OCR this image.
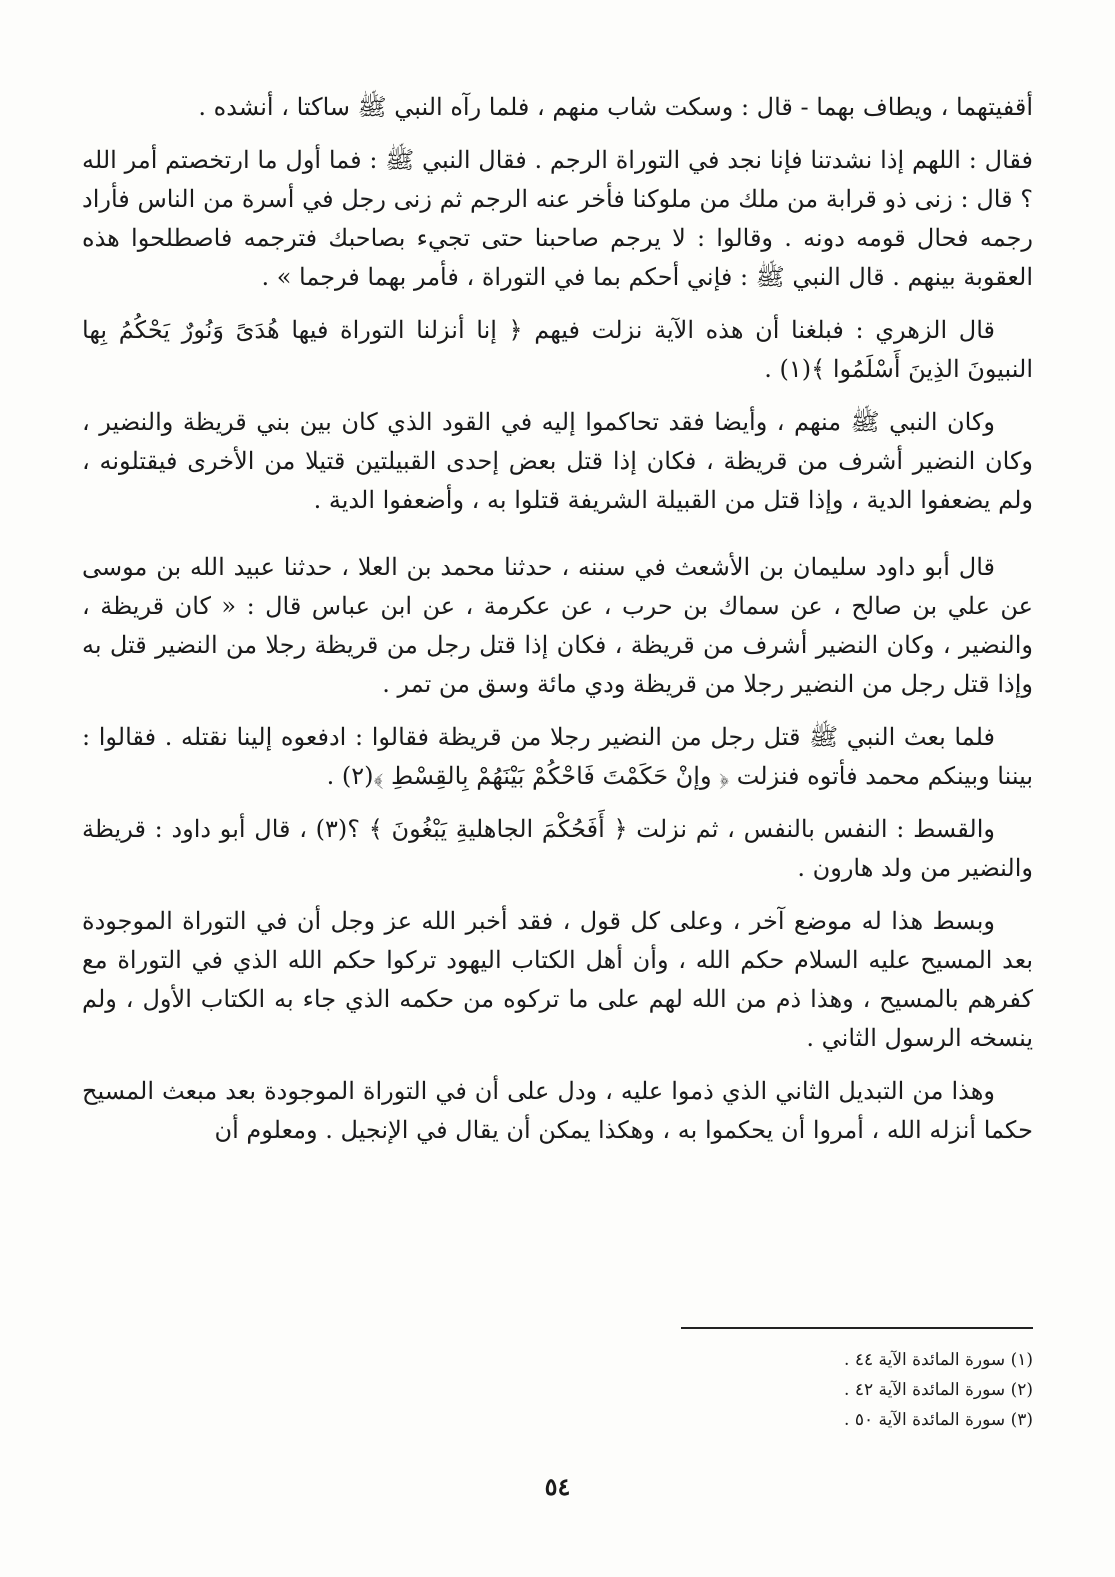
أقفيتهما ، ويطاف بهما - قال : وسكت شاب منهم ، فلما رآه النبي ﷺ ساكتا ، أنشده .

فقال : اللهم إذا نشدتنا فإنا نجد في التوراة الرجم . فقال النبي ﷺ : فما أول ما ارتخصتم أمر الله ؟ قال : زنى ذو قرابة من ملك من ملوكنا فأخر عنه الرجم ثم زنى رجل في أسرة من الناس فأراد رجمه فحال قومه دونه . وقالوا : لا يرجم صاحبنا حتى تجيء بصاحبك فترجمه فاصطلحوا هذه العقوبة بينهم . قال النبي ﷺ : فإني أحكم بما في التوراة ، فأمر بهما فرجما » .

قال الزهري : فبلغنا أن هذه الآية نزلت فيهم ﴿ إنا أنزلنا التوراة فيها هُدَىً وَنُورٌ يَحْكُمُ بِها النبيونَ الذِينَ أَسْلَمُوا ﴾(١) .

وكان النبي ﷺ منهم ، وأيضا فقد تحاكموا إليه في القود الذي كان بين بني قريظة والنضير ، وكان النضير أشرف من قريظة ، فكان إذا قتل بعض إحدى القبيلتين قتيلا من الأخرى فيقتلونه ، ولم يضعفوا الدية ، وإذا قتل من القبيلة الشريفة قتلوا به ، وأضعفوا الدية .

قال أبو داود سليمان بن الأشعث في سننه ، حدثنا محمد بن العلا ، حدثنا عبيد الله بن موسى عن علي بن صالح ، عن سماك بن حرب ، عن عكرمة ، عن ابن عباس قال : « كان قريظة ، والنضير ، وكان النضير أشرف من قريظة ، فكان إذا قتل رجل من قريظة رجلا من النضير قتل به وإذا قتل رجل من النضير رجلا من قريظة ودي مائة وسق من تمر .

فلما بعث النبي ﷺ قتل رجل من النضير رجلا من قريظة فقالوا : ادفعوه إلينا نقتله . فقالوا : بيننا وبينكم محمد فأتوه فنزلت ﴿ وإنْ حَكَمْتَ فَاحْكُمْ بَيْنَهُمْ بِالقِسْطِ ﴾(٢) .

والقسط : النفس بالنفس ، ثم نزلت ﴿ أَفَحُكْمَ الجاهليةِ يَبْغُونَ ﴾ ؟(٣) ، قال أبو داود : قريظة والنضير من ولد هارون .

وبسط هذا له موضع آخر ، وعلى كل قول ، فقد أخبر الله عز وجل أن في التوراة الموجودة بعد المسيح عليه السلام حكم الله ، وأن أهل الكتاب اليهود تركوا حكم الله الذي في التوراة مع كفرهم بالمسيح ، وهذا ذم من الله لهم على ما تركوه من حكمه الذي جاء به الكتاب الأول ، ولم ينسخه الرسول الثاني .

وهذا من التبديل الثاني الذي ذموا عليه ، ودل على أن في التوراة الموجودة بعد مبعث المسيح حكما أنزله الله ، أمروا أن يحكموا به ، وهكذا يمكن أن يقال في الإنجيل . ومعلوم أن

(١) سورة المائدة الآية ٤٤ .
(٢) سورة المائدة الآية ٤٢ .
(٣) سورة المائدة الآية ٥٠ .
٥٤
